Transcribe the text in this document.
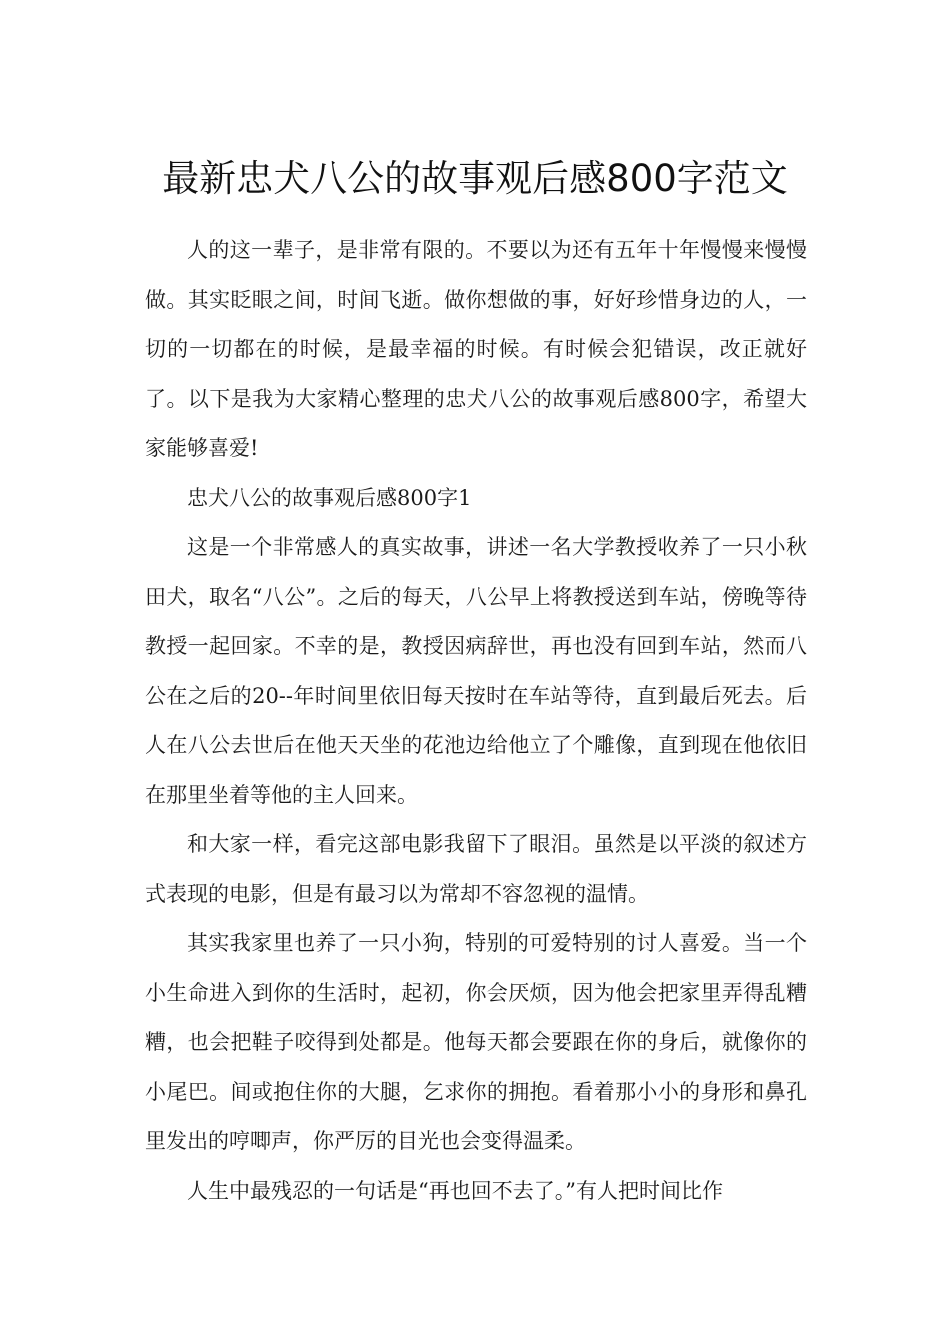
最新忠犬八公的故事观后感800字范文

人的这一辈子，是非常有限的。不要以为还有五年十年慢慢来慢慢做。其实眨眼之间，时间飞逝。做你想做的事，好好珍惜身边的人，一切的一切都在的时候，是最幸福的时候。有时候会犯错误，改正就好了。以下是我为大家精心整理的忠犬八公的故事观后感800字，希望大家能够喜爱!

忠犬八公的故事观后感800字1

这是一个非常感人的真实故事，讲述一名大学教授收养了一只小秋田犬，取名“八公”。之后的每天，八公早上将教授送到车站，傍晚等待教授一起回家。不幸的是，教授因病辞世，再也没有回到车站，然而八公在之后的20--年时间里依旧每天按时在车站等待，直到最后死去。后人在八公去世后在他天天坐的花池边给他立了个雕像，直到现在他依旧在那里坐着等他的主人回来。

和大家一样，看完这部电影我留下了眼泪。虽然是以平淡的叙述方式表现的电影，但是有最习以为常却不容忽视的温情。

其实我家里也养了一只小狗，特别的可爱特别的讨人喜爱。当一个小生命进入到你的生活时，起初，你会厌烦，因为他会把家里弄得乱糟糟，也会把鞋子咬得到处都是。他每天都会要跟在你的身后，就像你的小尾巴。间或抱住你的大腿，乞求你的拥抱。看着那小小的身形和鼻孔里发出的哼唧声，你严厉的目光也会变得温柔。

人生中最残忍的一句话是“再也回不去了。”有人把时间比作
